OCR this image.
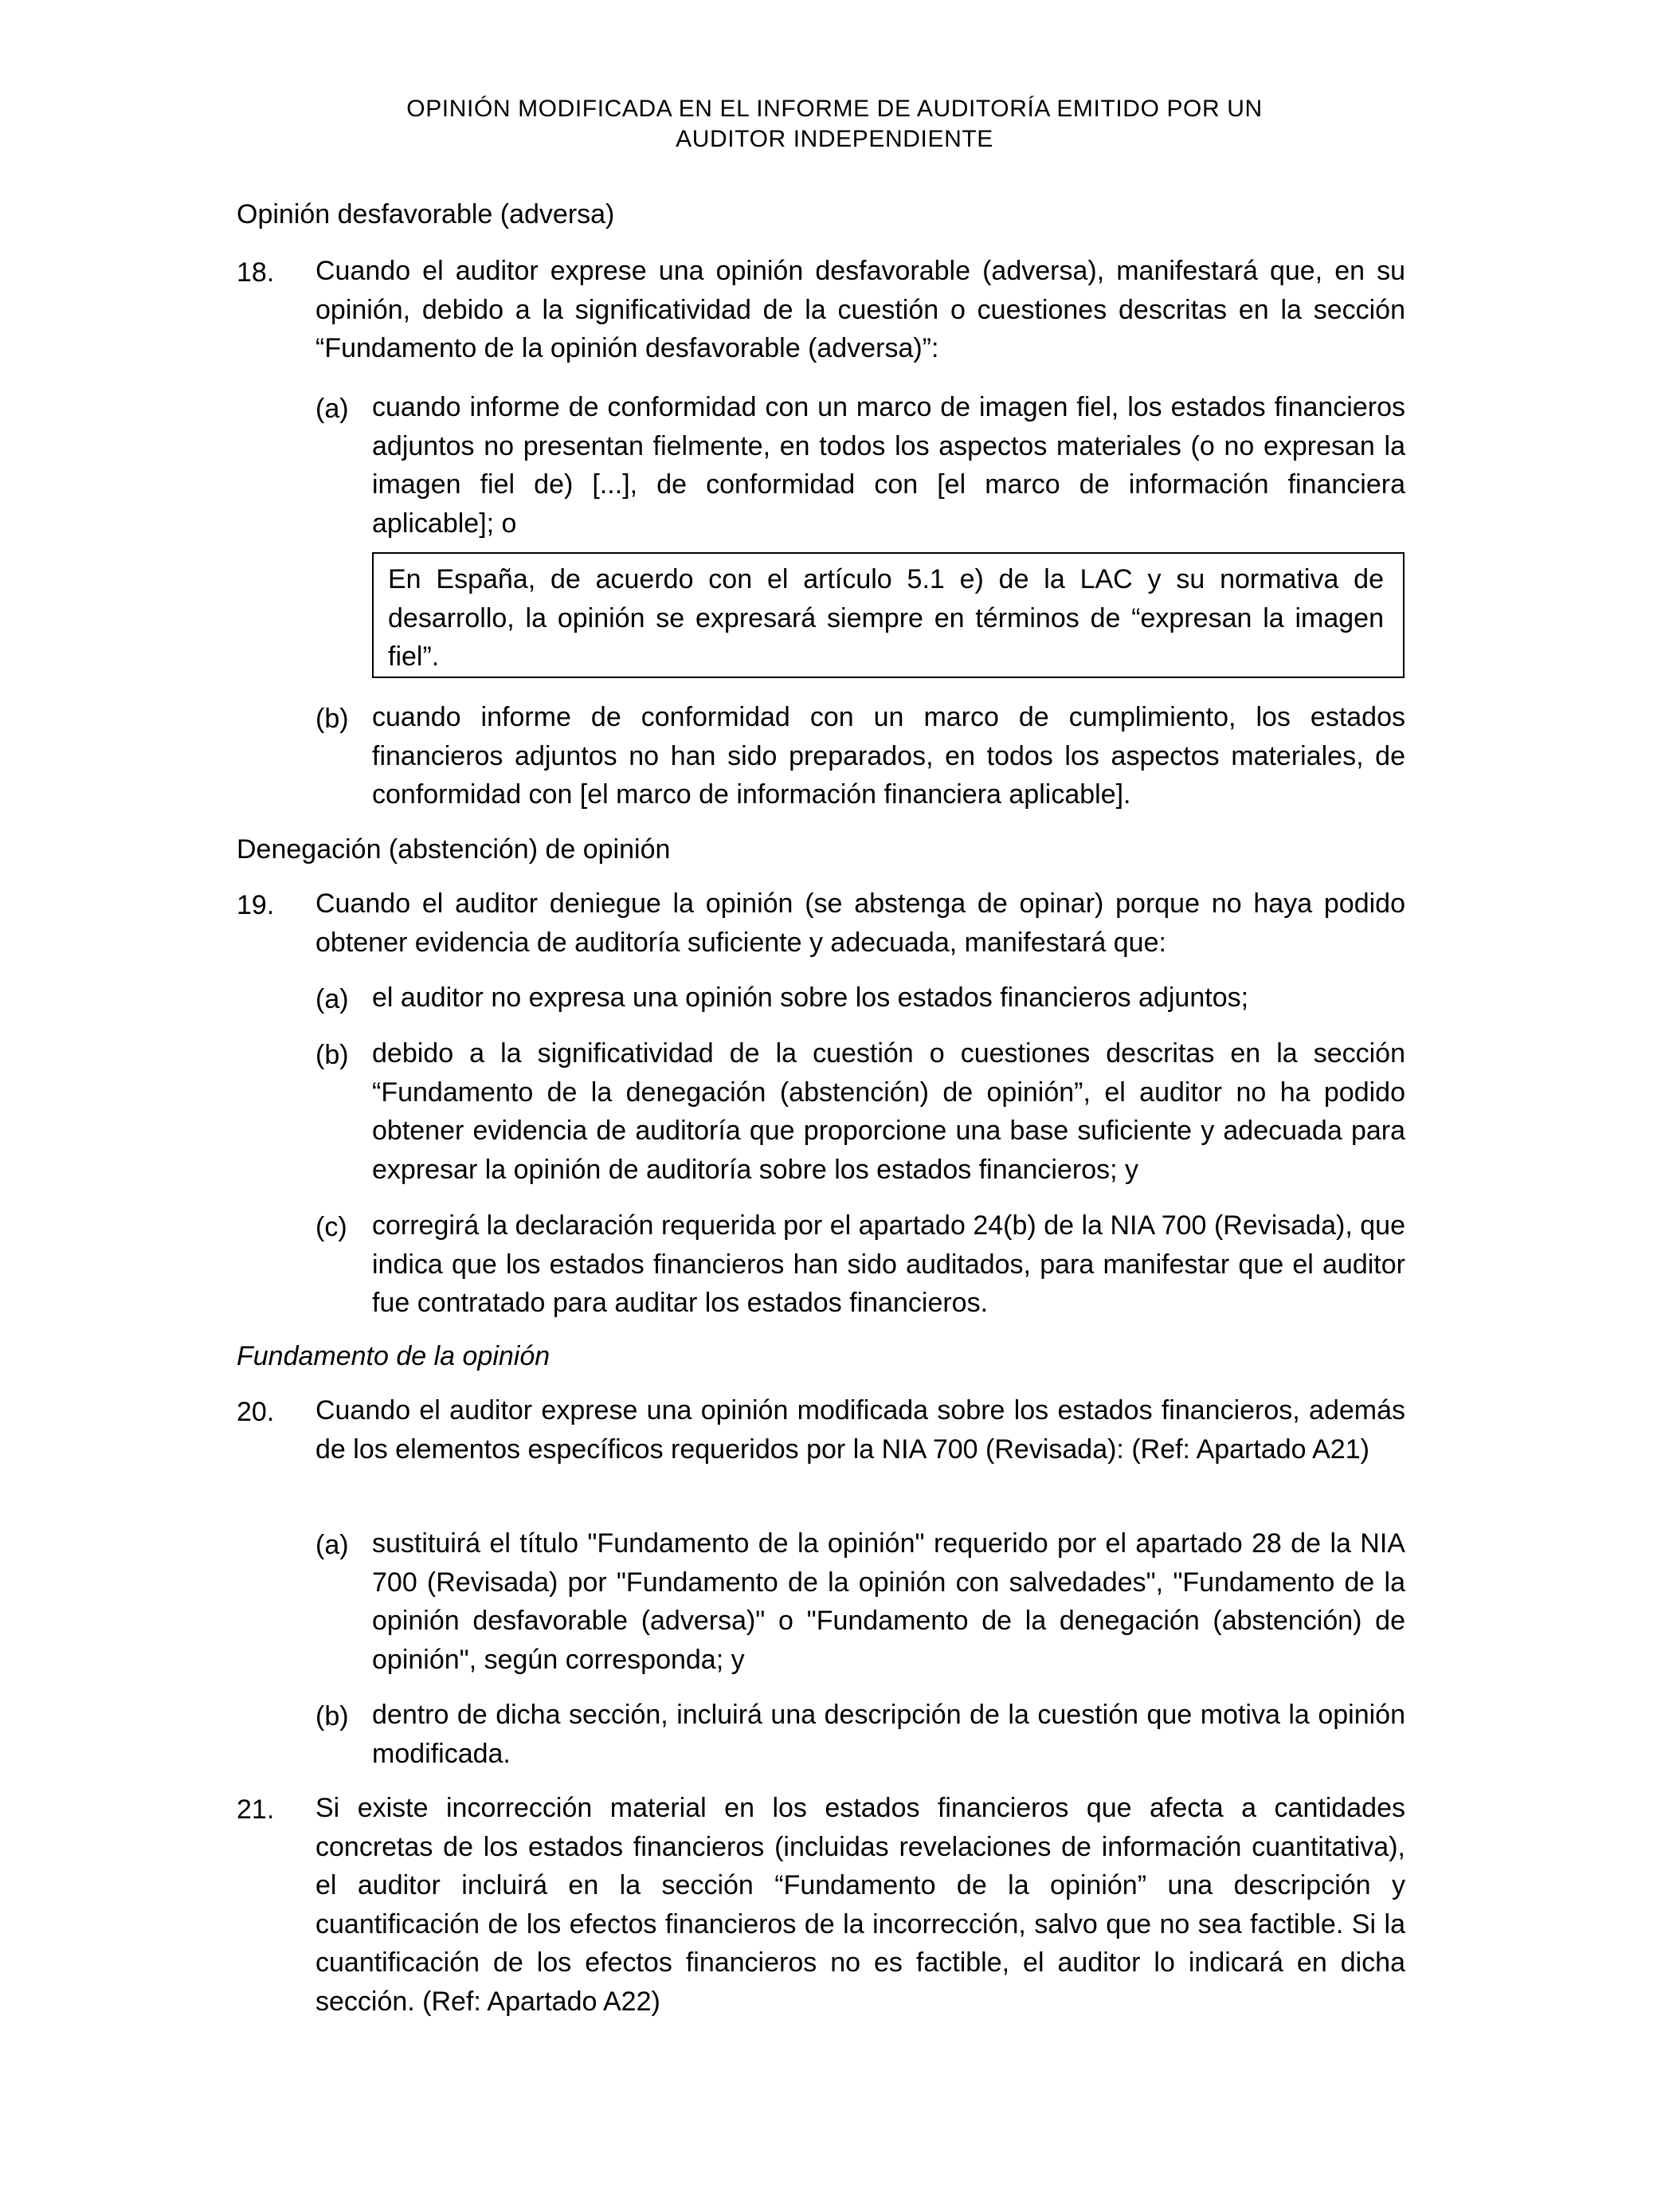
OPINIÓN MODIFICADA EN EL INFORME DE AUDITORÍA EMITIDO POR UN
AUDITOR INDEPENDIENTE
Opinión desfavorable (adversa)
18. Cuando el auditor exprese una opinión desfavorable (adversa), manifestará que, en su opinión, debido a la significatividad de la cuestión o cuestiones descritas en la sección “Fundamento de la opinión desfavorable (adversa)”:
(a) cuando informe de conformidad con un marco de imagen fiel, los estados financieros adjuntos no presentan fielmente, en todos los aspectos materiales (o no expresan la imagen fiel de) [...], de conformidad con [el marco de información financiera aplicable]; o
En España, de acuerdo con el artículo 5.1 e) de la LAC y su normativa de desarrollo, la opinión se expresará siempre en términos de “expresan la imagen fiel”.
(b) cuando informe de conformidad con un marco de cumplimiento, los estados financieros adjuntos no han sido preparados, en todos los aspectos materiales, de conformidad con [el marco de información financiera aplicable].
Denegación (abstención) de opinión
19. Cuando el auditor deniegue la opinión (se abstenga de opinar) porque no haya podido obtener evidencia de auditoría suficiente y adecuada, manifestará que:
(a) el auditor no expresa una opinión sobre los estados financieros adjuntos;
(b) debido a la significatividad de la cuestión o cuestiones descritas en la sección “Fundamento de la denegación (abstención) de opinión”, el auditor no ha podido obtener evidencia de auditoría que proporcione una base suficiente y adecuada para expresar la opinión de auditoría sobre los estados financieros; y
(c) corregirá la declaración requerida por el apartado 24(b) de la NIA 700 (Revisada), que indica que los estados financieros han sido auditados, para manifestar que el auditor fue contratado para auditar los estados financieros.
Fundamento de la opinión
20. Cuando el auditor exprese una opinión modificada sobre los estados financieros, además de los elementos específicos requeridos por la NIA 700 (Revisada): (Ref: Apartado A21)
(a) sustituirá el título "Fundamento de la opinión" requerido por el apartado 28 de la NIA 700 (Revisada) por "Fundamento de la opinión con salvedades", "Fundamento de la opinión desfavorable (adversa)" o "Fundamento de la denegación (abstención) de opinión", según corresponda; y
(b) dentro de dicha sección, incluirá una descripción de la cuestión que motiva la opinión modificada.
21. Si existe incorrección material en los estados financieros que afecta a cantidades concretas de los estados financieros (incluidas revelaciones de información cuantitativa), el auditor incluirá en la sección “Fundamento de la opinión” una descripción y cuantificación de los efectos financieros de la incorrección, salvo que no sea factible. Si la cuantificación de los efectos financieros no es factible, el auditor lo indicará en dicha sección. (Ref: Apartado A22)
